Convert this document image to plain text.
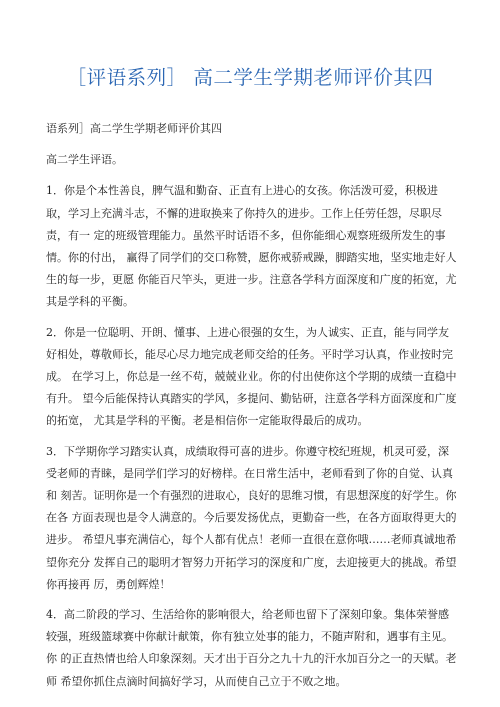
［评语系列］ 高二学生学期老师评价其四

语系列］高二学生学期老师评价其四

高二学生评语。

1．你是个本性善良，脾气温和勤奋、正直有上进心的女孩。你活泼可爱，积极进取，学习上充满斗志，不懈的进取换来了你持久的进步。工作上任劳任怨，尽职尽责，有一 定的班级管理能力。虽然平时话语不多，但你能细心观察班级所发生的事情。你的付出， 赢得了同学们的交口称赞，愿你戒骄戒躁，脚踏实地，坚实地走好人生的每一步，更愿 你能百尺竿头，更进一步。注意各学科方面深度和广度的拓宽，尤其是学科的平衡。

2．你是一位聪明、开朗、懂事、上进心很强的女生，为人诚实、正直，能与同学友 好相处，尊敬师长，能尽心尽力地完成老师交给的任务。平时学习认真，作业按时完成。 在学习上，你总是一丝不苟，兢兢业业。你的付出使你这个学期的成绩一直稳中有升。 望今后能保持认真踏实的学风，多提问、勤钻研，注意各学科方面深度和广度的拓宽， 尤其是学科的平衡。老是相信你一定能取得最后的成功。

3．下学期你学习踏实认真，成绩取得可喜的进步。你遵守校纪班规，机灵可爱，深 受老师的青睐，是同学们学习的好榜样。在日常生活中，老师看到了你的自觉、认真和 刻苦。证明你是一个有强烈的进取心，良好的思维习惯，有思想深度的好学生。你在各 方面表现也是令人满意的。今后要发扬优点，更勤奋一些，在各方面取得更大的进步。 希望凡事充满信心，每个人都有优点！老师一直很在意你哦……老师真诚地希望你充分 发挥自己的聪明才智努力开拓学习的深度和广度，去迎接更大的挑战。希望你再接再 厉，勇创辉煌！

4．高二阶段的学习、生活给你的影响很大，给老师也留下了深刻印象。集体荣誉感 较强，班级篮球赛中你献计献策，你有独立处事的能力，不随声附和，遇事有主见。你 的正直热情也给人印象深刻。天才出于百分之九十九的汗水加百分之一的天赋。老师 希望你抓住点滴时间搞好学习，从而使自己立于不败之地。
